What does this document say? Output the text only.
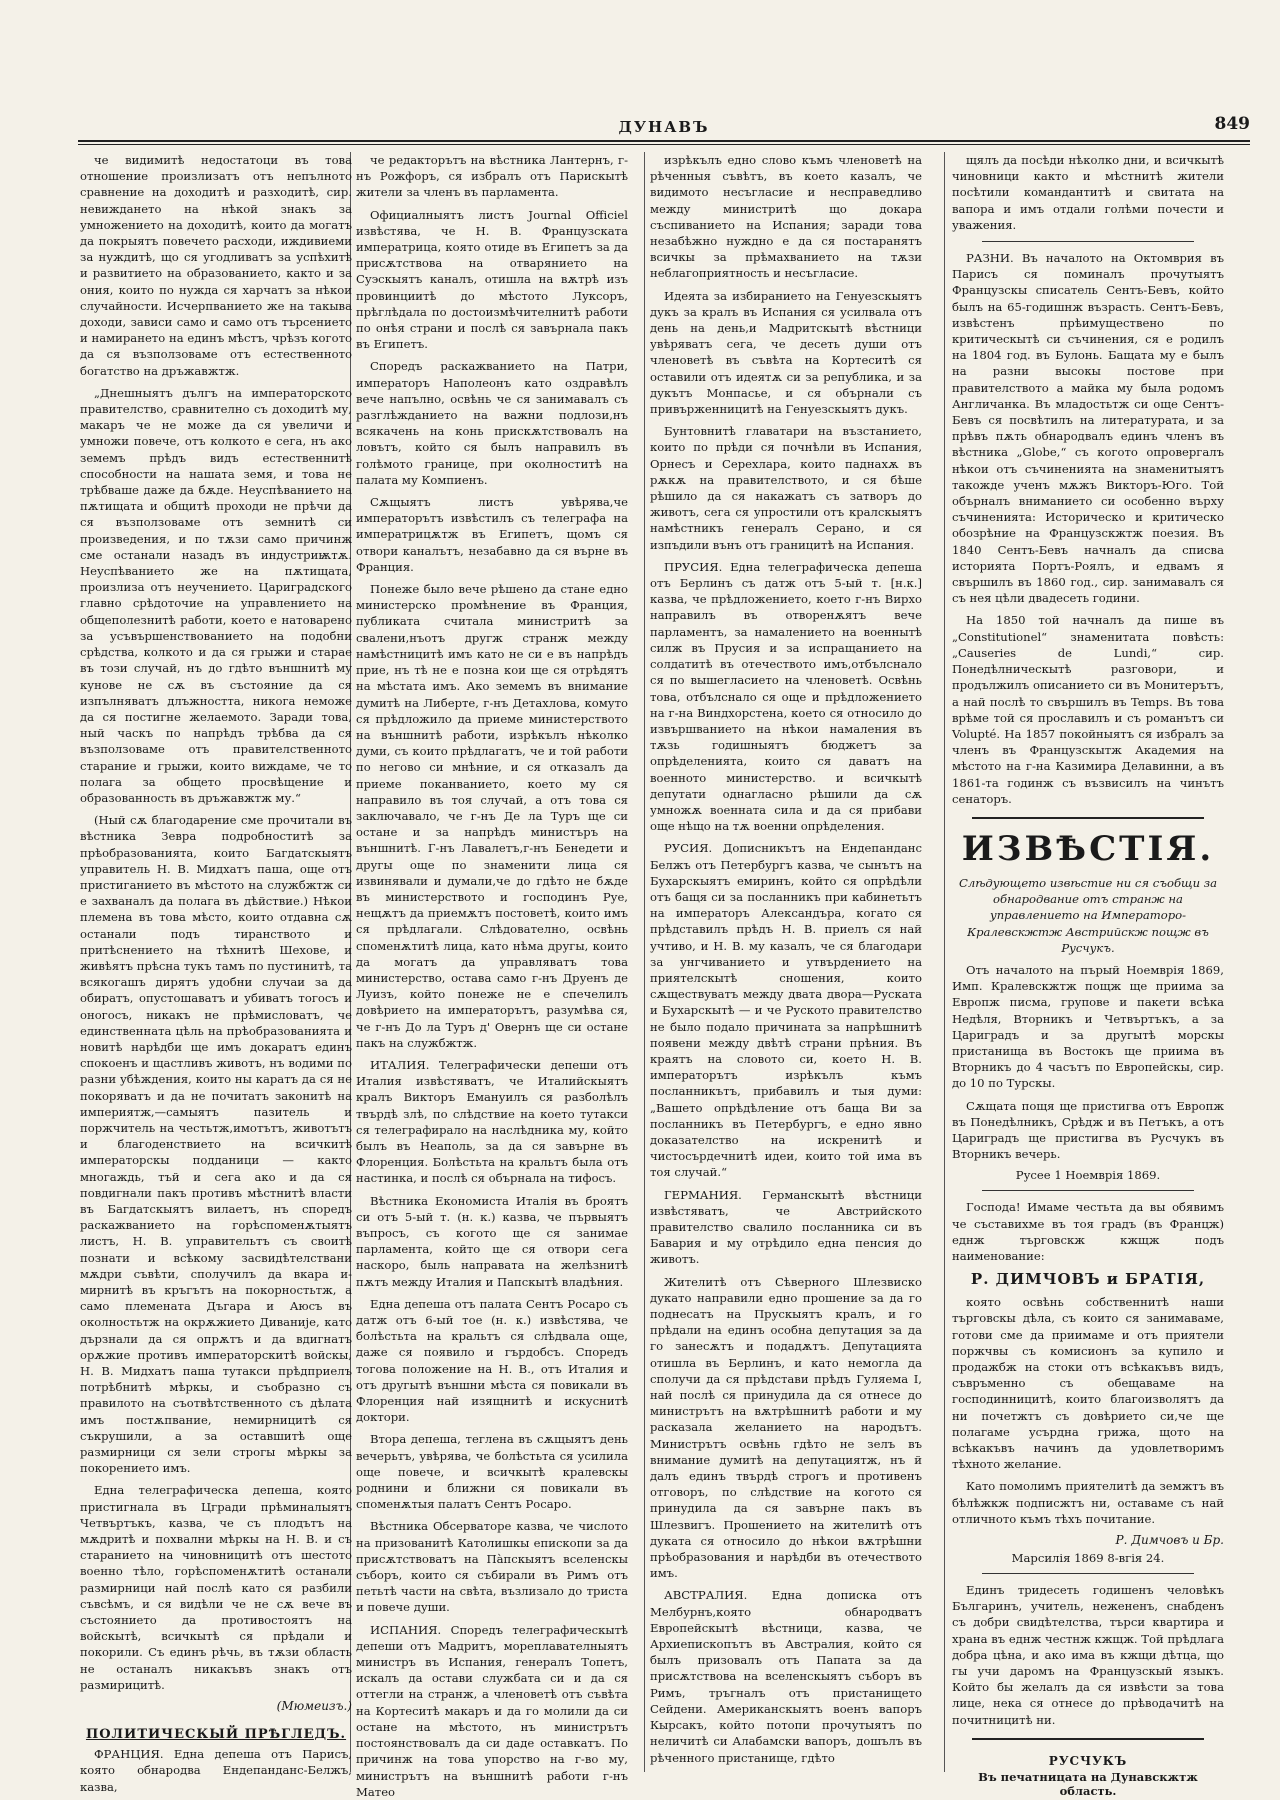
ДУНАВЪ	849

че видимитѣ недостатоци въ това отношение произлизатъ отъ непълното сравнение на доходитѣ и разходитѣ, сир. невиждането на нѣкой знакъ за умножението на доходитѣ, които да могатъ да покрыятъ повечето расходи, иждивиеми за нуждитѣ, що ся угодливатъ за успѣхитѣ и развитието на образованието, както и за ония, които по нужда ся харчатъ за нѣкои случайности. Исчерпванието же на такыва доходи, зависи само и само отъ търсението и намирането на единъ мѣстъ, чрѣзъ когото да ся възползоваме отъ естественното богатство на дръжавжтж.

„Днешныятъ дългъ на императорското правителство, сравнително съ доходитѣ му, макаръ че не може да ся увеличи и умножи повече, отъ колкото е сега, нъ ако земемъ прѣдъ видъ естественнитѣ способности на нашата земя, и това не трѣбваше даже да бѫде. Неуспѣванието на пѫтищата и общитѣ проходи не прѣчи да ся възползоваме отъ земнитѣ си произведения, и по тѫзи само причинж сме останали назадъ въ индустриѭтѫ. Неуспѣванието же на пѫтищата, произлиза отъ неучението. Цариградского главно срѣдоточие на управлението на общеполезнитѣ работи, което е натоварено за усъвършенствованието на подобни срѣдства, колкото и да ся грыжи и старае въ този случай, нъ до гдѣто външнитѣ му кунове не сѫ въ състояние да ся изпълняватъ длъжността, никога неможе да ся постигне желаемото. Заради това, ный часкъ по напрѣдъ трѣбва да ся възползоваме отъ правителственното старание и грыжи, които виждаме, че то полага за общето просвѣщение и образованность въ дръжавжтж му.“

(Ный сѫ благодарение сме прочитали въ вѣстника Зевра подробноститѣ за прѣобразованията, които Багдатскыятъ управитель Н. В. Мидхатъ паша, още отъ пристиганието въ мѣстото на службжтж си е захваналъ да полага въ дѣйствие.) Нѣкои племена въ това мѣсто, които отдавна сѫ останали подъ тиранството и притѣснението на тѣхнитѣ Шехове, и живѣятъ прѣсна тукъ тамъ по пустинитѣ, та всякогашъ дирятъ удобни случаи за да обиратъ, опустошаватъ и убиватъ тогосъ и оногосъ, никакъ не прѣмисловатъ, че единственната цѣль на прѣобразованията и новитѣ нарѣдби ще имъ докаратъ единъ спокоенъ и щастливъ животъ, нъ водими по разни убѣждения, които ны каратъ да ся не покоряватъ и да не почитатъ законитѣ на империятж,—самыятъ пазитель и поржчитель на честьтж,имотътъ, животътъ и благоденствието на всичкитѣ императорскы подданици — както многаждь, тъй и сега ако и да ся повдигнали пакъ противъ мѣстнитѣ власти въ Багдатскыятъ вилаетъ, нъ споредъ раскажванието на горѣспоменѫтыятъ листъ, Н. В. управительтъ съ своитѣ познати и всѣкому засвидѣтелствани мѫдри съвѣти, сполучилъ да вкара и-мирнитѣ въ кръгътъ на покорностьтж, а само племената Дъгара и Аюсъ въ околностьтж на окрѫжието Диваније, като дързнали да ся опрѫтъ и да вдигнатъ орѫжие противъ императорскитѣ войскы, Н. В. Мидхатъ паша тутакси прѣдприелъ потрѣбнитѣ мѣркы, и съобразно съ правилото на съотвѣтственното съ дѣлата имъ постѫпвание, немирницитѣ ся съкрушили, а за оставшитѣ още размирници ся зели строгы мѣркы за покорението имъ.

Една телеграфическа депеша, която пристигнала въ Цгради прѣминалыятъ Четвъртъкъ, казва, че съ плодътъ на мѫдритѣ и похвални мѣркы на Н. В. и съ старанието на чиновницитѣ отъ шестото военно тѣло, горѣспоменѫтитѣ останали размирници най послѣ като ся разбили съвсѣмъ, и ся видѣли че не сѫ вече въ състоянието да противостоятъ на войскытѣ, всичкытѣ ся прѣдали и покорили. Съ единъ рѣчь, въ тѫзи область не останалъ никакъвъ знакъ отъ размирицитѣ.

(Мюмеизъ.)
ПОЛИТИЧЕСКЫЙ ПРѢГЛЕДЪ.

ФРАНЦИЯ. Една депеша отъ Парисъ, която обнародва Ендепанданс-Белжъ, казва,

че редакторътъ на вѣстника Лантернъ, г-нъ Рожфоръ, ся избралъ отъ Парискытѣ жители за членъ въ парламента.

Официалныятъ листъ Journal Officiel извѣстява, че Н. В. Французската императрица, която отиде въ Египетъ за да присѫтствова на отварянието на Суэскыятъ каналъ, отишла на вѫтрѣ изъ провинциитѣ до мѣстото Луксоръ, прѣглѣдала по достоизмѣчителнитѣ работи по онѣя страни и послѣ ся завърнала пакъ въ Египетъ.

Споредъ раскажванието на Патри, императоръ Наполеонъ като оздравѣлъ вече напълно, освѣнь че ся занимавалъ съ разглѣжданието на важни подлози,нъ всякачень на конь прискѫтствовалъ на ловътъ, който ся былъ направилъ въ голѣмото границе, при околноститѣ на палата му Компиенъ.

Сѫщыятъ листъ увѣрява,че императорътъ извѣстилъ съ телеграфа на императрицѫтж въ Египетъ, щомъ ся отвори каналътъ, незабавно да ся върне въ Франция.

Понеже было вече рѣшено да стане едно министерско промѣнение въ Франция, публиката считала министритѣ за свалени,нъотъ другж странж между намѣстницитѣ имъ като не си е въ напрѣдъ прие, нъ тѣ не е позна кои ще ся отрѣдятъ на мѣстата имъ. Ако земемъ въ внимание думитѣ на Либерте, г-нъ Детахлова, комуто ся прѣдложило да приеме министерството на външнитѣ работи, изрѣкълъ нѣколко думи, съ които прѣдлагатъ, че и той работи по негово си мнѣние, и ся отказалъ да приеме поканванието, което му ся направило въ тоя случай, а отъ това ся заключавало, че г-нъ Де ла Туръ ще си остане и за напрѣдъ министъръ на външнитѣ. Г-нъ Лавалетъ,г-нъ Бенедети и другы още по знаменити лица ся извинявали и думали,че до гдѣто не бѫде въ министерството и господинъ Руе, нещѫтъ да приемѫтъ постоветѣ, които имъ ся прѣдлагали. Слѣдователно, освѣнь споменѫтитѣ лица, като нѣма другы, които да могатъ да управляватъ това министерство, остава само г-нъ Друенъ де Луизъ, който понеже не е спечелилъ довѣрието на императорътъ, разумѣва ся, че г-нъ До ла Туръ д' Овернъ ще си остане пакъ на службжтж.

ИТАЛИЯ. Телеграфически депеши отъ Италия извѣстяватъ, че Италийскыятъ кралъ Викторъ Емануилъ ся разболѣлъ твърдѣ злѣ, по слѣдствие на което тутакси ся телеграфирало на наслѣдника му, който былъ въ Неаполь, за да ся завърне въ Флоренция. Болѣстьта на кральтъ была отъ настинка, и послѣ ся обърнала на тифосъ.

Вѣстника Економиста Италiя въ броятъ си отъ 5-ый т. (н. к.) казва, че първыятъ въпросъ, съ когото ще ся занимае парламента, който ще ся отвори сега наскоро, быль направата на желѣзнитѣ пѫтъ между Италия и Папскытѣ владѣния.

Една депеша отъ палата Сентъ Росаро съ датж отъ 6-ый тое (н. к.) извѣстява, че болѣстьта на кральтъ ся слѣдвала още, даже ся появило и гърдобсъ. Споредъ тогова положение на Н. В., отъ Италия и отъ другытѣ външни мѣста ся повикали въ Флоренция най изящнитѣ и искуснитѣ доктори.

Втора депеша, теглена въ сѫщыятъ день вечерьтъ, увѣрява, че болѣстьта ся усилила още повече, и всичкытѣ кралевскы роднини и ближни ся повикали въ споменѫтыя палатъ Сентъ Росаро.

Вѣстника Обсерваторе казва, че числото на призованитѣ Католишкы епископи за да присѫтствоватъ на Пàпскыятъ вселенскы съборъ, които ся събирали въ Римъ отъ петьтѣ части на свѣта, възлизало до триста и повече души.

ИСПАНИЯ. Споредъ телеграфическытѣ депеши отъ Мадритъ, мореплавателныятъ министръ въ Испания, генералъ Топетъ, искалъ да остави службата си и да ся оттегли на странж, а членоветѣ отъ съвѣта на Кортеситѣ макаръ и да го молили да си остане на мѣстото, нъ министрътъ постоянствовалъ да си даде оставкатъ. По причинж на това упорство на г-во му, министрътъ на външнитѣ работи г-нъ Матео

изрѣкълъ едно слово къмъ членоветѣ на рѣченныя съвѣтъ, въ което казалъ, че видимото несъгласие и несправедливо между министритѣ що докара съспиванието на Испания; заради това незабѣжно нуждно е да ся постаранятъ всичкы за прѣмахванието на тѫзи неблагоприятность и несъгласие.

Идеята за избиранието на Генуезскыятъ дукъ за кралъ въ Испания ся усилвала отъ день на день,и Мадритскытѣ вѣстници увѣряватъ сега, че десеть души отъ членоветѣ въ съвѣта на Кортеситѣ ся оставили отъ идеятѫ си за република, и за дукътъ Монпасье, и ся обърнали съ привърженницитѣ на Генуезскыятъ дукъ.

Бунтовнитѣ главатари на възстанието, които по прѣди ся почнѣли въ Испания, Орнесъ и Серехлара, които паднахѫ въ рѫкѫ на правителството, и ся бѣше рѣшило да ся накажатъ съ затворъ до животъ, сега ся упростили отъ кралскыятъ намѣстникъ генералъ Серано, и ся изпъдили вънъ отъ границитѣ на Испания.

ПРУСИЯ. Една телеграфическа депеша отъ Берлинъ съ датж отъ 5-ый т. [н.к.] казва, че прѣдложението, което г-нъ Вирхо направилъ въ отворенѫятъ вече парламентъ, за намалението на военнытѣ силж въ Прусия и за испращанието на солдатитѣ въ отечеството имъ,отбълснало ся по вышегласието на членоветѣ. Освѣнь това, отбълснало ся още и прѣдложението на г-на Виндхорстена, което ся относило до извършванието на нѣкои намаления въ тѫзь годишныятъ бюджетъ за опрѣделенията, които ся даватъ на военното министерство. и всичкытѣ депутати однагласно рѣшили да сѫ умножѫ военната сила и да ся прибави още нѣщо на тѫ военни опрѣделения.

РУСИЯ. Дописникътъ на Ендепанданс Белжъ отъ Петербургъ казва, че сынътъ на Бухарскыятъ емиринъ, който ся опрѣдѣли отъ бащя си за посланникъ при кабинетьтъ на императоръ Александъра, когато ся прѣдставилъ прѣдъ Н. В. приелъ ся най учтиво, и Н. В. му казалъ, че ся благодари за унгчиванието и утвърдението на приятелскытѣ сношения, които сѫществуватъ между двата двора—Руската и Бухарскытѣ — и че Руското правителство не было подало причината за напрѣшнитѣ появени между двѣтѣ страни прѣния. Въ краятъ на словото си, което Н. В. императорътъ изрѣкълъ къмъ посланникътъ, прибавилъ и тыя думи: „Вашето опрѣдѣление отъ баща Ви за посланникъ въ Петербургъ, е едно явно доказателство на искренитѣ и чистосърдечнитѣ идеи, които той има въ тоя случай.“

ГЕРМАНИЯ. Германскытѣ вѣстници извѣстяватъ, че Австрийското правителство свалило посланника си въ Бавария и му отрѣдило една пенсия до животъ.

Жителитѣ отъ Сѣверного Шлезвиско дукато направили едно прошение за да го поднесатъ на Прускыятъ кралъ, и го прѣдали на единъ особна депутация за да го занесѫтъ и подадѫтъ. Депутацията отишла въ Берлинъ, и като немогла да сполучи да ся прѣдстави прѣдъ Гуляема I, най послѣ ся принудила да ся отнесе до министрътъ на вѫтрѣшнитѣ работи и му расказала желанието на народътъ. Министрътъ освѣнь гдѣто не зелъ въ внимание думитѣ на депутациятж, нъ й далъ единъ твърдѣ строгъ и противенъ отговоръ, по слѣдствие на когото ся принудила да ся завърне пакъ въ Шлезвигъ. Прошението на жителитѣ отъ дуката ся относило до нѣкои вѫтрѣшни прѣобразования и нарѣдби въ отечеството имъ.

АВСТРАЛИЯ. Една дописка отъ Мелбурнъ,която обнародватъ Европейскытѣ вѣстници, казва, че Архиепископътъ въ Австралия, който ся былъ призовалъ отъ Папата за да присѫтствова на вселенскыятъ съборъ въ Римъ, тръгналъ отъ пристанището Сейдени. Американскыятъ военъ вапоръ Кырсакъ, който потопи прочутыятъ по неличитѣ си Алабамски вапоръ, дошълъ въ рѣченного пристанище, гдѣто

щялъ да посѣди нѣколко дни, и всичкытѣ чиновници както и мѣстнитѣ жители посѣтили командантитѣ и свитата на вапора и имъ отдали голѣми почести и уважения.

РАЗНИ. Въ началото на Октомврия въ Парисъ ся поминалъ прочутыятъ Французскы списатель Сентъ-Бевъ, който былъ на 65-годишнж възрасть. Сентъ-Бевъ, извѣстенъ прѣимуществено по критическытѣ си съчинения, ся е родилъ на 1804 год. въ Булонь. Бащата му е былъ на разни высокы постове при правителството а майка му была родомъ Англичанка. Въ младостьтж си още Сентъ-Бевъ ся посвѣтилъ на литературата, и за прѣвъ пѫть обнародвалъ единъ членъ въ вѣстника „Globe,“ съ когото опровергалъ нѣкои отъ съчиненията на знаменитыятъ такожде ученъ мѫжъ Викторъ-Юго. Той обърналъ вниманието си особенно върху съчиненията: Историческо и критическо обозрѣние на Французскжтж поезия. Въ 1840 Сентъ-Бевъ начналъ да списва историята Портъ-Роялъ, и едвамъ я свършилъ въ 1860 год., сир. занимавалъ ся съ нея цѣли двадесеть години.

На 1850 той начналъ да пише въ „Constitutionel“ знаменитата повѣсть: „Causeries de Lundi,“ сир. Понедѣлническытѣ разговори, и продължилъ описанието си въ Монитерътъ, а най послѣ то свършилъ въ Temps. Въ това врѣме той ся прославилъ и съ романътъ си Volupté. На 1857 покойныятъ ся избралъ за членъ въ Французскытж Академия на мѣстото на г-на Казимира Делавинни, а въ 1861-та годинж съ възвисилъ на чинътъ сенаторъ.

ИЗВѢСТІЯ.

Слѣдующето извѣстие ни ся съобщи за обнародвание отъ странж на управлението на Императоро-Кралевскжтж Австрийскж пощж въ Русчукъ.

Отъ началото на пърый Ноемврія 1869, Имп. Кралевскжтж пощж ще приима за Европж писма, групове и пакети всѣка Недѣля, Вторникъ и Четвъртъкъ, а за Цариградъ и за другытѣ морскы пристанища въ Востокъ ще приима въ Вторникъ до 4 часътъ по Европейскы, сир. до 10 по Турскы.

Сѫщата пощя ще пристигва отъ Европж въ Понедѣлникъ, Срѣдж и въ Петъкъ, а отъ Цариградъ ще пристигва въ Русчукъ въ Вторникъ вечерь.

Русее 1 Ноемврія 1869.

Господа! Имаме честьта да вы обявимъ че съставихме въ тоя градъ (въ Францж) еднж търговскж кжщж подъ наименование:

Р. ДИМЧОВЪ и БРАТІЯ,

която освѣнь собственнитѣ наши търговскы дѣла, съ които ся занимаваме, готови сме да приимаме и отъ приятели поржчвы съ комисионъ за купило и продажбж на стоки отъ всѣкакъвъ видъ, съвръменно съ обещаваме на господинницитѣ, които благоизволятъ да ни почетжтъ съ довѣрието си,че ще полагаме усърдна грижа, щото на всѣкакъвъ начинъ да удовлетворимъ тѣхното желание.

Като помолимъ приятелитѣ да земжтъ въ бѣлѣжкж подписжтъ ни, оставаме съ най отличното къмъ тѣхъ почитание.

Р. Димчовъ и Бр.
Марсилія 1869 8-вгія 24.

Единъ тридесеть годишенъ человѣкъ Българинъ, учитель, нежененъ, снабденъ съ добри свидѣтелства, търси квартира и храна въ еднж честнж кжщж. Той прѣдлага добра цѣна, и ако има въ кжщи дѣтца, що гы учи даромъ на Французскый языкъ. Който бы желалъ да ся извѣсти за това лице, нека ся отнесе до прѣводачитѣ на почитницитѣ ни.

РУСЧУКЪ
Въ печатницата на Дунавскжтж область.
